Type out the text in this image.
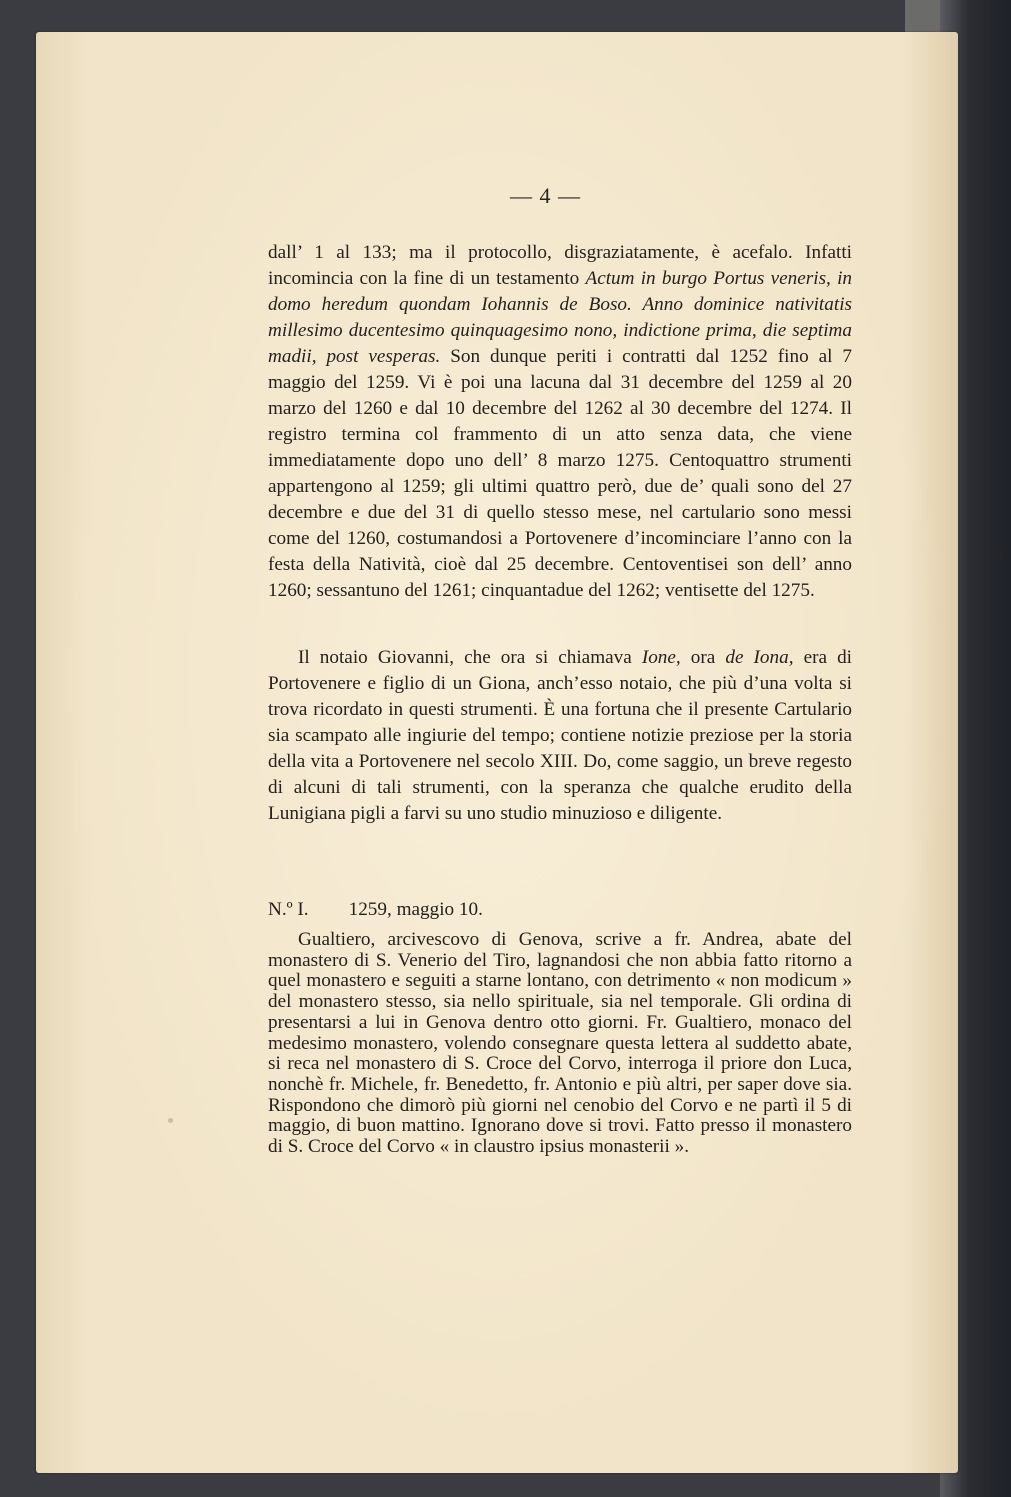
— 4 —

dall’ 1 al 133; ma il protocollo, disgraziatamente, è acefalo. Infatti incomincia con la fine di un testamento Actum in burgo Portus veneris, in domo heredum quondam Iohannis de Boso. Anno dominice nativitatis millesimo ducentesimo quinquagesimo nono, indictione prima, die septima madii, post vesperas. Son dunque periti i contratti dal 1252 fino al 7 maggio del 1259. Vi è poi una lacuna dal 31 decembre del 1259 al 20 marzo del 1260 e dal 10 decembre del 1262 al 30 decembre del 1274. Il registro termina col frammento di un atto senza data, che viene immediatamente dopo uno dell’ 8 marzo 1275. Centoquattro strumenti appartengono al 1259; gli ultimi quattro però, due de’ quali sono del 27 decembre e due del 31 di quello stesso mese, nel cartulario sono messi come del 1260, costumandosi a Portovenere d’incominciare l’anno con la festa della Natività, cioè dal 25 decembre. Centoventisei son dell’ anno 1260; sessantuno del 1261; cinquantadue del 1262; ventisette del 1275.

Il notaio Giovanni, che ora si chiamava Ione, ora de Iona, era di Portovenere e figlio di un Giona, anch’esso notaio, che più d’una volta si trova ricordato in questi strumenti. È una fortuna che il presente Cartulario sia scampato alle ingiurie del tempo; contiene notizie preziose per la storia della vita a Portovenere nel secolo XIII. Do, come saggio, un breve regesto di alcuni di tali strumenti, con la speranza che qualche erudito della Lunigiana pigli a farvi su uno studio minuzioso e diligente.

N.º I. 1259, maggio 10.

Gualtiero, arcivescovo di Genova, scrive a fr. Andrea, abate del monastero di S. Venerio del Tiro, lagnandosi che non abbia fatto ritorno a quel monastero e seguiti a starne lontano, con detrimento « non modicum » del monastero stesso, sia nello spirituale, sia nel temporale. Gli ordina di presentarsi a lui in Genova dentro otto giorni. Fr. Gualtiero, monaco del medesimo monastero, volendo consegnare questa lettera al suddetto abate, si reca nel monastero di S. Croce del Corvo, interroga il priore don Luca, nonchè fr. Michele, fr. Benedetto, fr. Antonio e più altri, per saper dove sia. Rispondono che dimorò più giorni nel cenobio del Corvo e ne partì il 5 di maggio, di buon mattino. Ignorano dove si trovi. Fatto presso il monastero di S. Croce del Corvo « in claustro ipsius monasterii ».
